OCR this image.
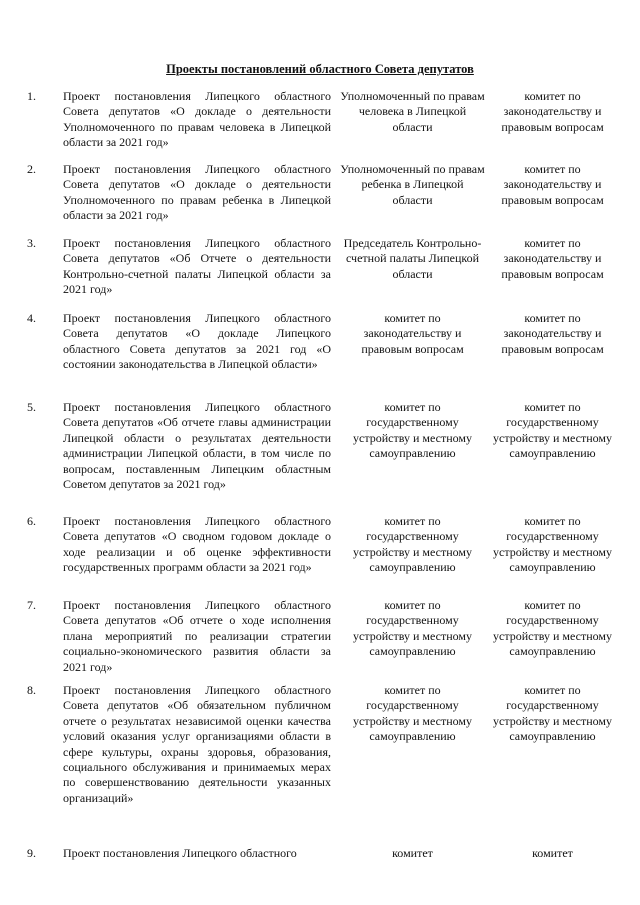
Проекты постановлений областного Совета депутатов
1. Проект постановления Липецкого областного Совета депутатов «О докладе о деятельности Уполномоченного по правам человека в Липецкой области за 2021 год»
Уполномоченный по правам человека в Липецкой области
комитет по законодательству и правовым вопросам
2. Проект постановления Липецкого областного Совета депутатов «О докладе о деятельности Уполномоченного по правам ребенка в Липецкой области за 2021 год»
Уполномоченный по правам ребенка в Липецкой области
комитет по законодательству и правовым вопросам
3. Проект постановления Липецкого областного Совета депутатов «Об Отчете о деятельности Контрольно-счетной палаты Липецкой области за 2021 год»
Председатель Контрольно-счетной палаты Липецкой области
комитет по законодательству и правовым вопросам
4. Проект постановления Липецкого областного Совета депутатов «О докладе Липецкого областного Совета депутатов за 2021 год «О состоянии законодательства в Липецкой области»
комитет по законодательству и правовым вопросам
комитет по законодательству и правовым вопросам
5. Проект постановления Липецкого областного Совета депутатов «Об отчете главы администрации Липецкой области о результатах деятельности администрации Липецкой области, в том числе по вопросам, поставленным Липецким областным Советом депутатов за 2021 год»
комитет по государственному устройству и местному самоуправлению
комитет по государственному устройству и местному самоуправлению
6. Проект постановления Липецкого областного Совета депутатов «О сводном годовом докладе о ходе реализации и об оценке эффективности государственных программ области за 2021 год»
комитет по государственному устройству и местному самоуправлению
комитет по государственному устройству и местному самоуправлению
7. Проект постановления Липецкого областного Совета депутатов «Об отчете о ходе исполнения плана мероприятий по реализации стратегии социально-экономического развития области за 2021 год»
комитет по государственному устройству и местному самоуправлению
комитет по государственному устройству и местному самоуправлению
8. Проект постановления Липецкого областного Совета депутатов «Об обязательном публичном отчете о результатах независимой оценки качества условий оказания услуг организациями области в сфере культуры, охраны здоровья, образования, социального обслуживания и принимаемых мерах по совершенствованию деятельности указанных организаций»
комитет по государственному устройству и местному самоуправлению
комитет по государственному устройству и местному самоуправлению
9. Проект постановления Липецкого областного	комитет	комитет
